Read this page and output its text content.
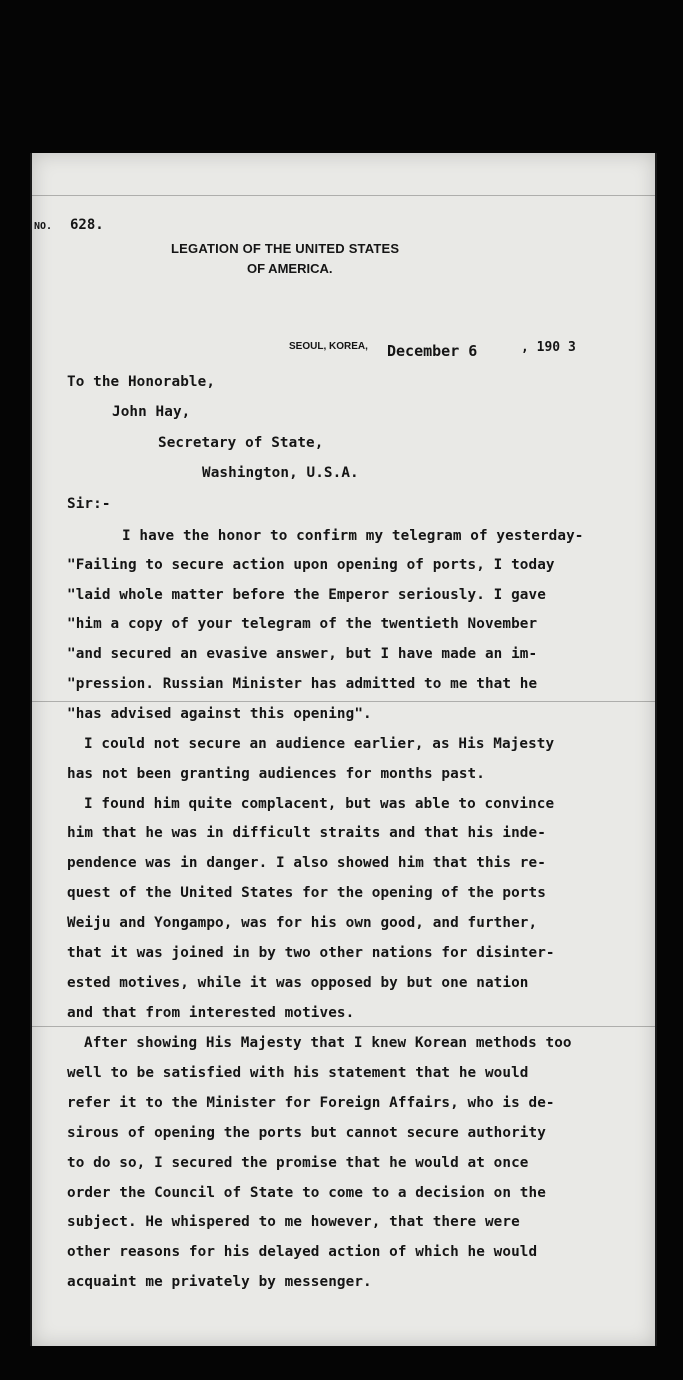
NO. 628.
LEGATION OF THE UNITED STATES
OF AMERICA.
SEOUL, KOREA, December 6	, 190 3
To the Honorable,
John Hay,
Secretary of State,
Washington, U.S.A.
Sir:-
I have the honor to confirm my telegram of yesterday-
"Failing to secure action upon opening of ports, I today
"laid whole matter before the Emperor seriously. I gave
"him a copy of your telegram of the twentieth November
"and secured an evasive answer, but I have made an im-
"pression. Russian Minister has admitted to me that he
"has advised against this opening".
I could not secure an audience earlier, as His Majesty
has not been granting audiences for months past.
I found him quite complacent, but was able to convince
him that he was in difficult straits and that his inde-
pendence was in danger. I also showed him that this re-
quest of the United States for the opening of the ports
Weiju and Yongampo, was for his own good, and further,
that it was joined in by two other nations for disinter-
ested motives, while it was opposed by but one nation
and that from interested motives.
After showing His Majesty that I knew Korean methods too
well to be satisfied with his statement that he would
refer it to the Minister for Foreign Affairs, who is de-
sirous of opening the ports but cannot secure authority
to do so, I secured the promise that he would at once
order the Council of State to come to a decision on the
subject. He whispered to me however, that there were
other reasons for his delayed action of which he would
acquaint me privately by messenger.
